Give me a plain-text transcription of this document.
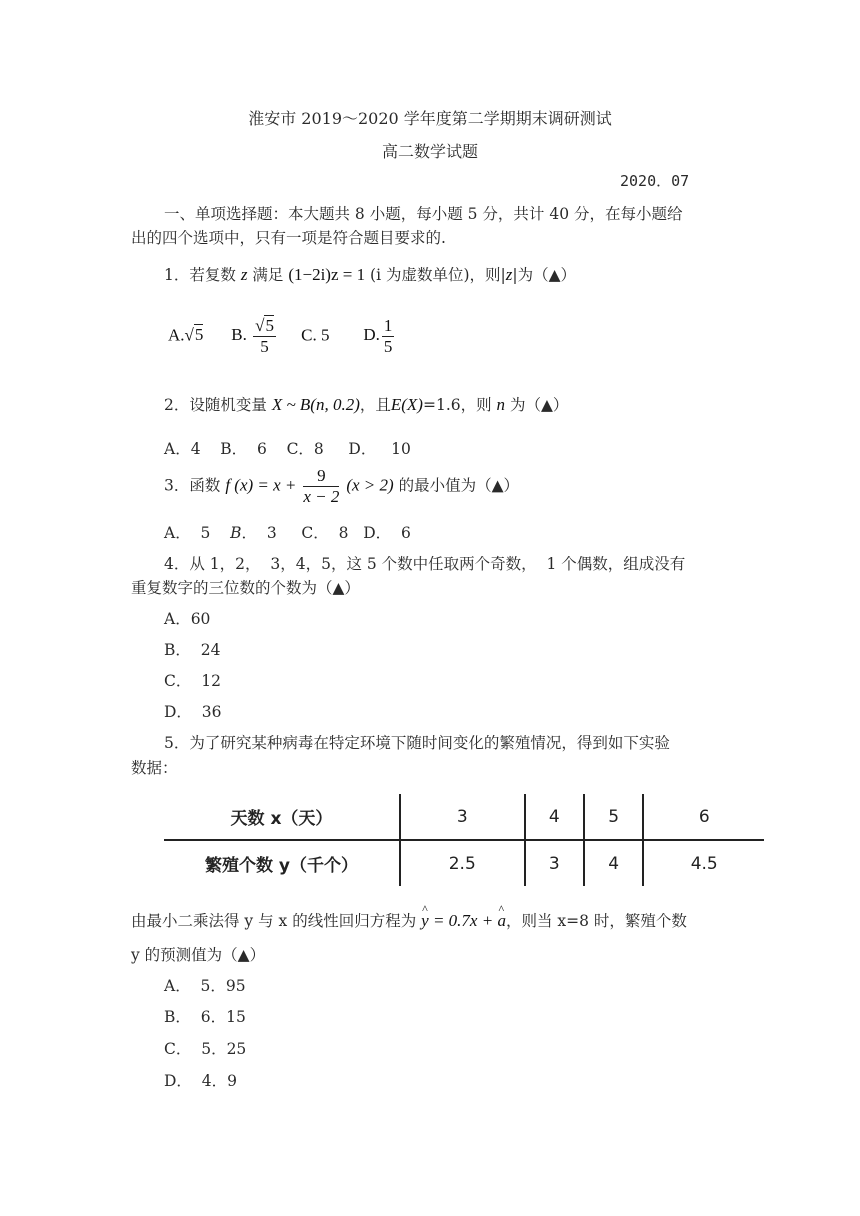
淮安市 2019～2020 学年度第二学期期末调研测试
高二数学试题
2020．07
一、单项选择题：本大题共 8 小题，每小题 5 分，共计 40 分，在每小题给
出的四个选项中，只有一项是符合题目要求的.
1．若复数 z 满足 (1−2i)z = 1 (i 为虚数单位)，则|z|为（▲）
A.√5 B. $\frac{√5}{5} C$. 5 D. $\frac{1}{5}$
2．设随机变量 X ~ B(n, 0.2)，且E(X)=1.6，则 n 为（▲）
A．4    B．  6    C．8     D．   10
3．函数 f $(x) = x + \frac{9}{x - 2} (x > 2)$ 的最小值为（▲）
A．  5 B．  3     C．  8   D．  6
4．从 1，2，  3，4，5，这 5 个数中任取两个奇数，  1 个偶数，组成没有
重复数字的三位数的个数为（▲）
A．60
B．  24
C．  12
D．  36
5．为了研究某种病毒在特定环境下随时间变化的繁殖情况，得到如下实验
数据：
天数 x（天）	3	4	5	6
繁殖个数 y（千个）	2.5	3	4	4.5
由最小二乘法得 y 与 x 的线性回归方程为 ^ y = 0.7x + ^ a，则当 x=8 时，繁殖个数
y 的预测值为（▲）
A．  5．95
B．  6．15
C．  5．25
D．  4．9
